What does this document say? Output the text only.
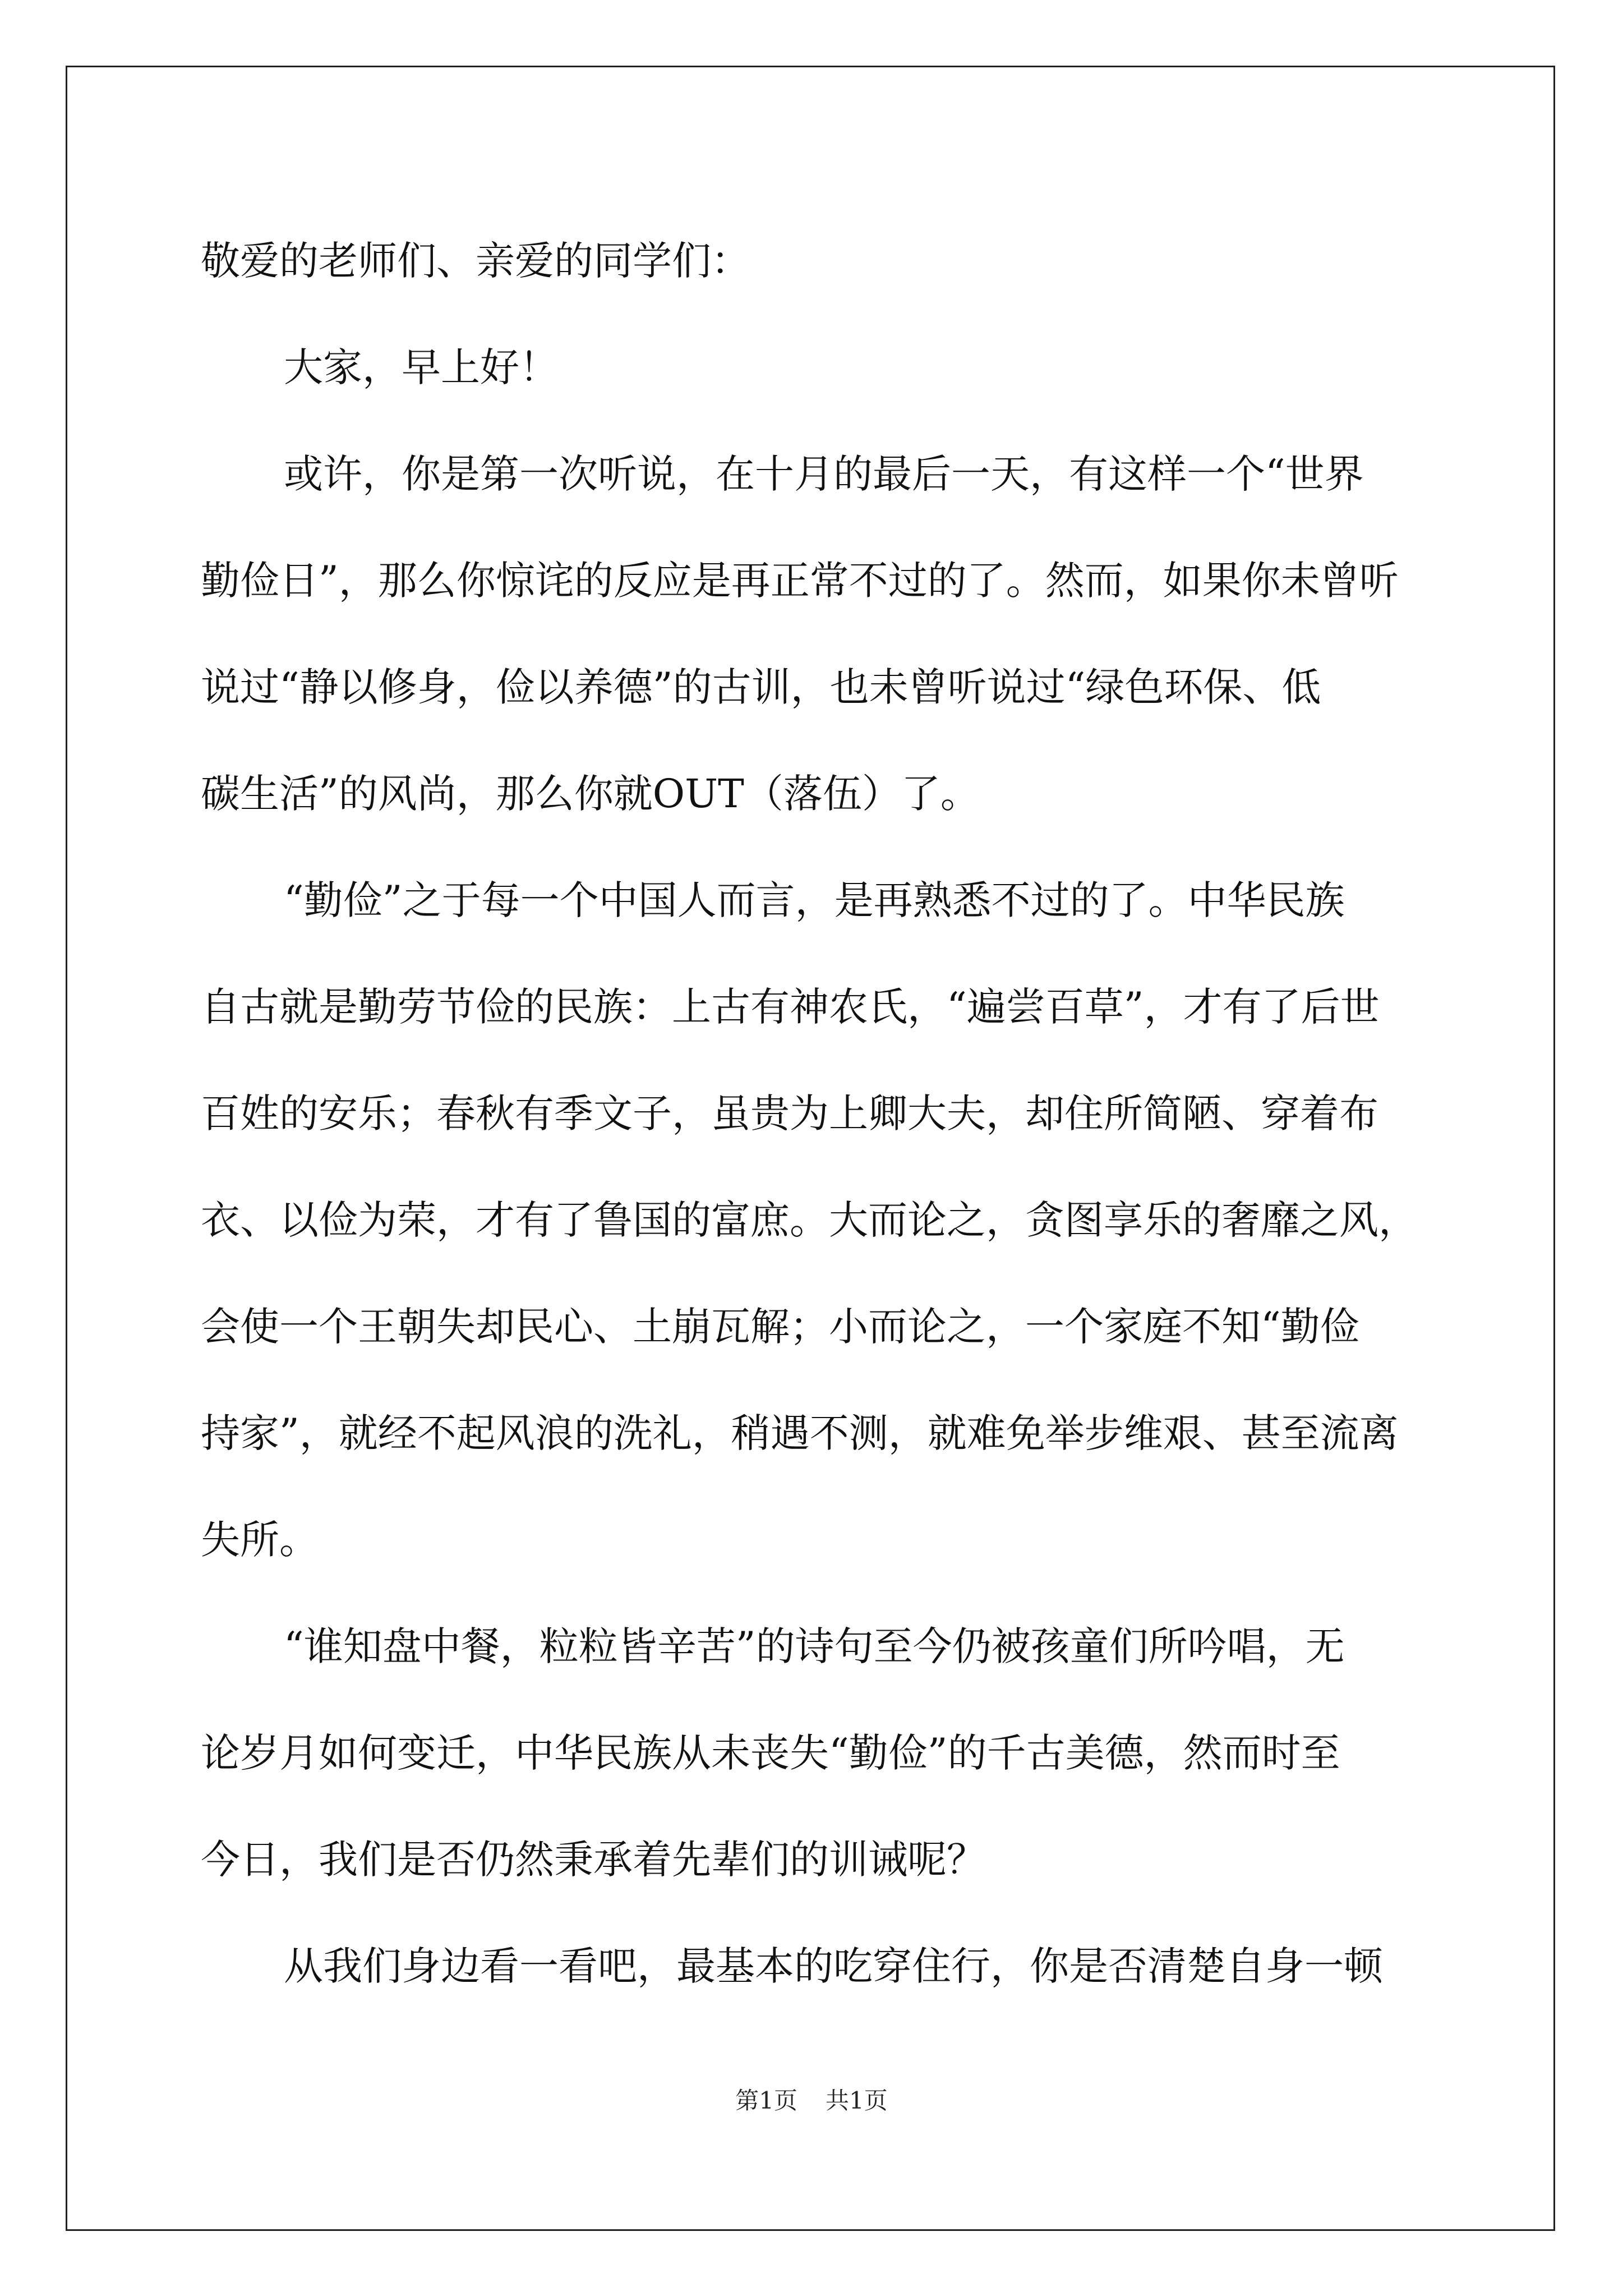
敬爱的老师们、亲爱的同学们：
大家，早上好！
或许，你是第一次听说，在十月的最后一天，有这样一个“世界
勤俭日”，那么你惊诧的反应是再正常不过的了。然而，如果你未曾听
说过“静以修身，俭以养德”的古训，也未曾听说过“绿色环保、低
碳生活”的风尚，那么你就OUT（落伍）了。
“勤俭”之于每一个中国人而言，是再熟悉不过的了。中华民族
自古就是勤劳节俭的民族：上古有神农氏，“遍尝百草”，才有了后世
百姓的安乐；春秋有季文子，虽贵为上卿大夫，却住所简陋、穿着布
衣、以俭为荣，才有了鲁国的富庶。大而论之，贪图享乐的奢靡之风，
会使一个王朝失却民心、土崩瓦解；小而论之，一个家庭不知“勤俭
持家”，就经不起风浪的洗礼，稍遇不测，就难免举步维艰、甚至流离
失所。
“谁知盘中餐，粒粒皆辛苦”的诗句至今仍被孩童们所吟唱，无
论岁月如何变迁，中华民族从未丧失“勤俭”的千古美德，然而时至
今日，我们是否仍然秉承着先辈们的训诫呢？
从我们身边看一看吧，最基本的吃穿住行，你是否清楚自身一顿
第1页 共1页
